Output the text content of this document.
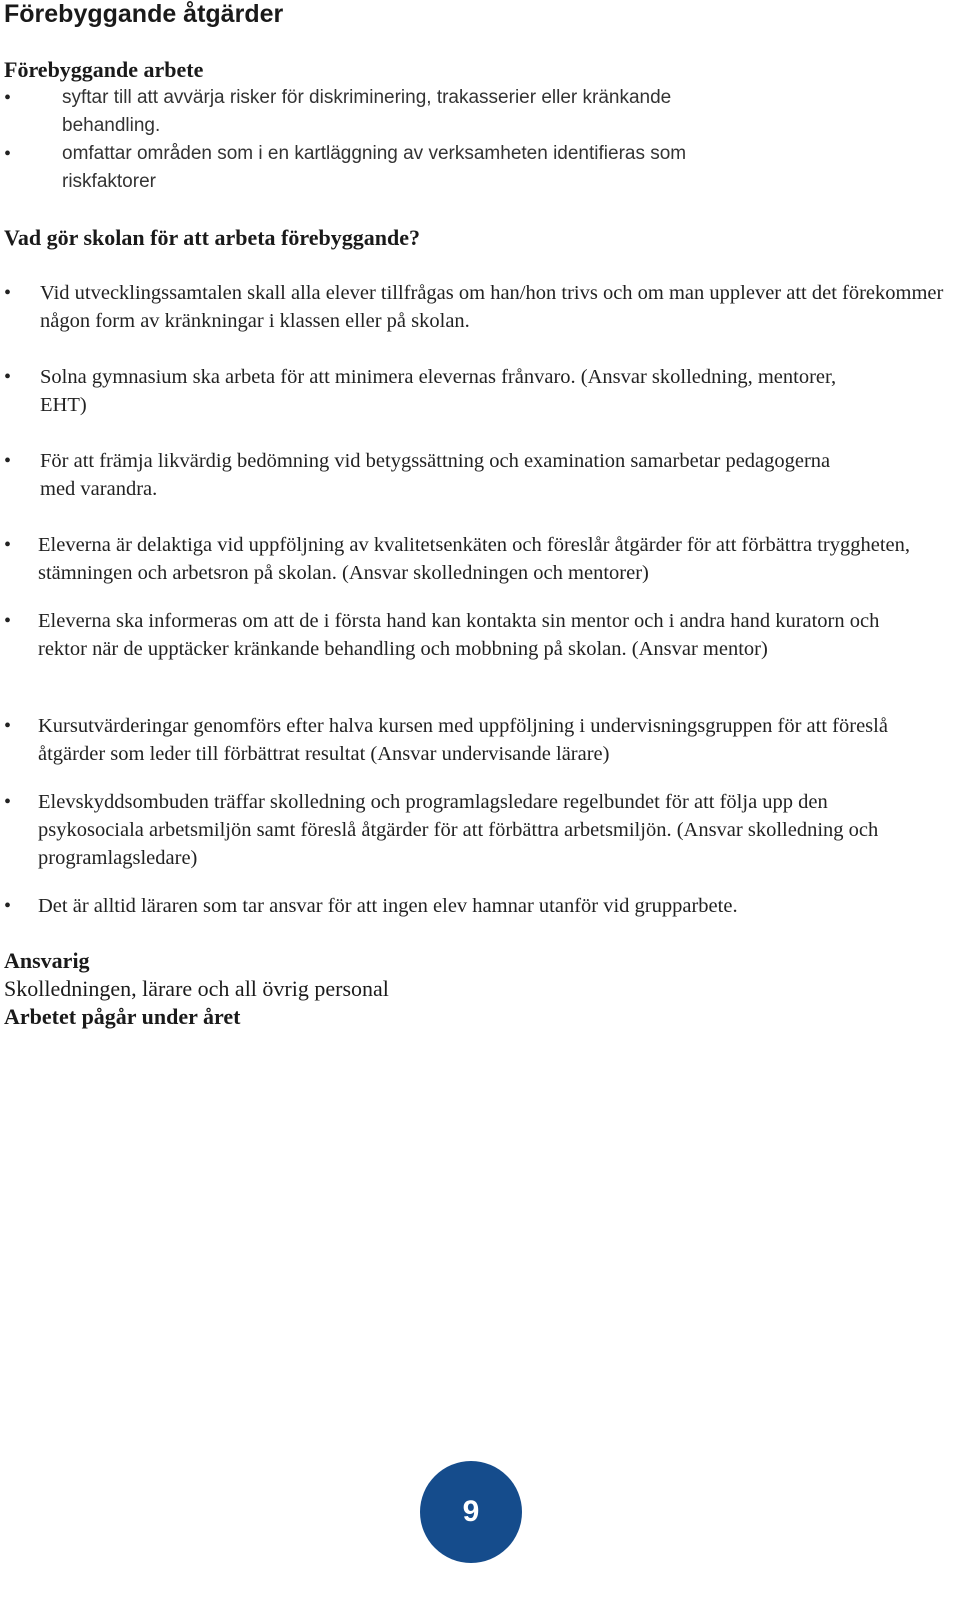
Förebyggande åtgärder
Förebyggande arbete
•	syftar till att avvärja risker för diskriminering, trakasserier eller kränkande behandling.
•	omfattar områden som i en kartläggning av verksamheten identifieras som riskfaktorer
Vad gör skolan för att arbeta förebyggande?
• Vid utvecklingssamtalen skall alla elever tillfrågas om han/hon trivs och om man upplever att det förekommer någon form av kränkningar i klassen eller på skolan.
• Solna gymnasium ska arbeta för att minimera elevernas frånvaro. (Ansvar skolledning, mentorer, EHT)
• För att främja likvärdig bedömning vid betygssättning och examination samarbetar pedagogerna med varandra.
• Eleverna är delaktiga vid uppföljning av kvalitetsenkäten och föreslår åtgärder för att förbättra tryggheten, stämningen och arbetsron på skolan. (Ansvar skolledningen och mentorer)
• Eleverna ska informeras om att de i första hand kan kontakta sin mentor och i andra hand kuratorn och rektor när de upptäcker kränkande behandling och mobbning på skolan. (Ansvar mentor)
• Kursutvärderingar genomförs efter halva kursen med uppföljning i undervisningsgruppen för att föreslå åtgärder som leder till förbättrat resultat (Ansvar undervisande lärare)
• Elevskyddsombuden träffar skolledning och programlagsledare regelbundet för att följa upp den psykosociala arbetsmiljön samt föreslå åtgärder för att förbättra arbetsmiljön. (Ansvar skolledning och programlagsledare)
• Det är alltid läraren som tar ansvar för att ingen elev hamnar utanför vid grupparbete.
Ansvarig

Skolledningen, lärare och all övrig personal

Arbetet pågår under året

9
